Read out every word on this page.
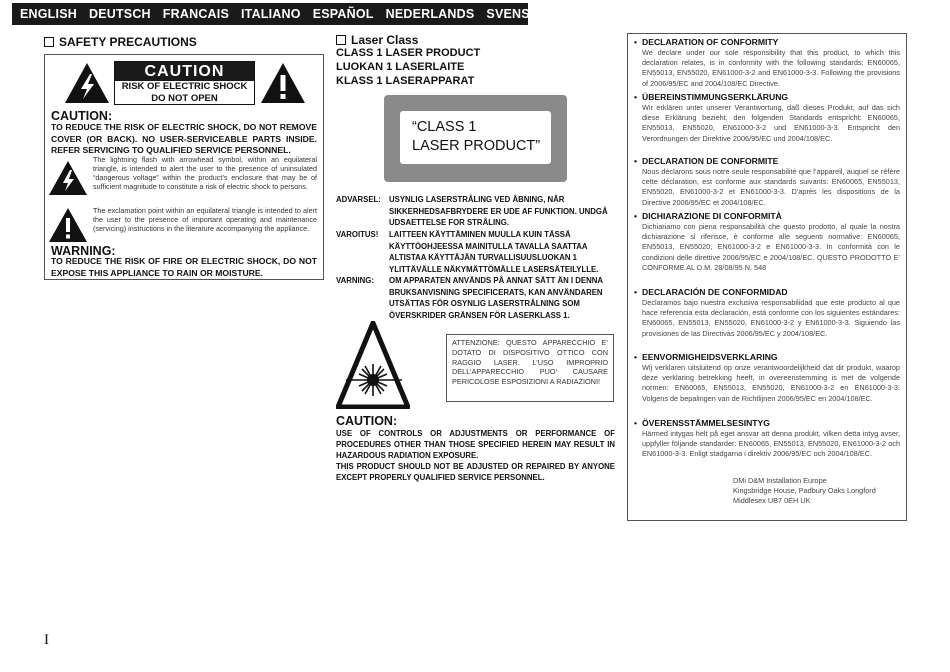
ENGLISH DEUTSCH FRANCAIS ITALIANO ESPAÑOL NEDERLANDS SVENSKA
SAFETY PRECAUTIONS
CAUTION
RISK OF ELECTRIC SHOCK
DO NOT OPEN
CAUTION:
TO REDUCE THE RISK OF ELECTRIC SHOCK, DO NOT REMOVE COVER (OR BACK). NO USER-SERVICEABLE PARTS INSIDE. REFER SERVICING TO QUALIFIED SERVICE PERSONNEL.
The lightning flash with arrowhead symbol, within an equilateral triangle, is intended to alert the user to the presence of uninsulated “dangerous voltage” within the product’s enclosure that may be of sufficient magnitude to constitute a risk of electric shock to persons.
The exclamation point within an equilateral triangle is intended to alert the user to the presence of important operating and maintenance (servicing) instructions in the literature accompanying the appliance.
WARNING:
TO REDUCE THE RISK OF FIRE OR ELECTRIC SHOCK, DO NOT EXPOSE THIS APPLIANCE TO RAIN OR MOISTURE.
Laser Class
CLASS 1 LASER PRODUCT
LUOKAN 1 LASERLAITE
KLASS 1 LASERAPPARAT
“CLASS 1
LASER PRODUCT”
ADVARSEL: USYNLIG LASERSTRÅLING VED ÅBNING, NÅR SIKKERHEDSAFBRYDERE ER UDE AF FUNKTION. UNDGÅ UDSAETTELSE FOR STRÅLING.
VAROITUS! LAITTEEN KÄYTTÄMINEN MUULLA KUIN TÄSSÄ KÄYTTÖOHJEESSA MAINITULLA TAVALLA SAATTAA ALTISTAA KÄYTTÄJÄN TURVALLISUUSLUOKAN 1 YLITTÄVÄLLE NÄKYMÄTTÖMÄLLE LASERSÄTEILYLLE.
VARNING: OM APPARATEN ANVÄNDS PÅ ANNAT SÄTT ÄN I DENNA BRUKSANVISNING SPECIFICERATS, KAN ANVÄNDAREN UTSÄTTAS FÖR OSYNLIG LASERSTRÅLNING SOM ÖVERSKRIDER GRÄNSEN FÖR LASERKLASS 1.
ATTENZIONE: QUESTO APPARECCHIO E’ DOTATO DI DISPOSITIVO OTTICO CON RAGGIO LASER. L’USO IMPROPRIO DELL’APPARECCHIO PUO’ CAUSARE PERICOLOSE ESPOSIZIONI A RADIAZIONI!
CAUTION:
USE OF CONTROLS OR ADJUSTMENTS OR PERFORMANCE OF PROCEDURES OTHER THAN THOSE SPECIFIED HEREIN MAY RESULT IN HAZARDOUS RADIATION EXPOSURE.
THIS PRODUCT SHOULD NOT BE ADJUSTED OR REPAIRED BY ANYONE EXCEPT PROPERLY QUALIFIED SERVICE PERSONNEL.
• DECLARATION OF CONFORMITY
We declare under our sole responsibility that this product, to which this declaration relates, is in conformity with the following standards: EN60065, EN55013, EN55020, EN61000-3-2 and EN61000-3-3. Following the provisions of 2006/95/EC and 2004/108/EC Directive.
• ÜBEREINSTIMMUNGSERKLÄRUNG
Wir erklären unter unserer Verantwortung, daß dieses Produkt, auf das sich diese Erklärung bezieht, den folgenden Standards entspricht: EN60065, EN55013, EN55020, EN61000-3-2 und EN61000-3-3. Entspricht den Verordnungen der Direktive 2006/95/EC und 2004/108/EC.
• DECLARATION DE CONFORMITE
Nous déclarons sous notre seule responsabilité que l’appareil, auquel se réfère cette déclaration, est conforme aux standards suivants: EN60065, EN55013, EN55020, EN61000-3-2 et EN61000-3-3. D’après les dispositions de la Directive 2006/95/EC et 2004/108/EC.
• DICHIARAZIONE DI CONFORMITÀ
Dichiariamo con piena responsabilità che questo prodotto, al quale la nostra dichiarazione si riferisce, è conforme alle seguenti normative: EN60065, EN55013, EN55020, EN61000-3-2 e EN61000-3-3. In conformità con le condizioni delle direttive 2006/95/EC e 2004/108/EC. QUESTO PRODOTTO E’ CONFORME AL D.M. 28/08/95 N. 548
• DECLARACIÓN DE CONFORMIDAD
Declaramos bajo nuestra exclusiva responsabilidad que este producto al que hace referencia esta declaración, está conforme con los siguientes estándares: EN60065, EN55013, EN55020, EN61000-3-2 y EN61000-3-3. Siguiendo las provisiones de las Directivas 2006/95/EC y 2004/108/EC.
• EENVORMIGHEIDSVERKLARING
Wij verklaren uitsluitend op onze verantwoordelijkheid dat dit produkt, waarop deze verklaring betrekking heeft, in overeenstemming is met de volgende normen: EN60065, EN55013, EN55020, EN61000-3-2 en EN61000-3-3. Volgens de bepalingen van de Richtlijnen 2006/95/EC en 2004/108/EC.
• ÖVERENSSTÄMMELSESINTYG
Härmed intygas helt på eget ansvar att denna produkt, vilken detta intyg avser, uppfyller följande standarder: EN60065, EN55013, EN55020, EN61000-3-2 och EN61000-3-3. Enligt stadgarna i direktiv 2006/95/EC och 2004/108/EC.
DMi D&M Installation Europe
Kingsbridge House, Padbury Oaks Longford
Middlesex UB7 0EH UK
I
